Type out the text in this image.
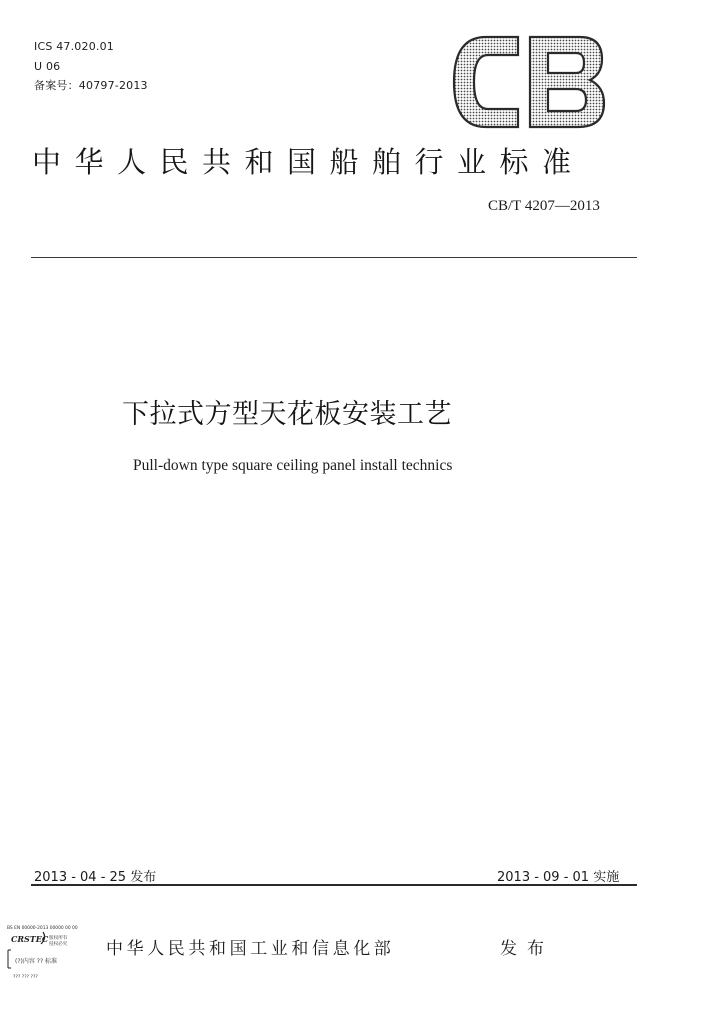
ICS 47.020.01
U 06
备案号：40797-2013
中华人民共和国船舶行业标准
CB/T 4207—2013
下拉式方型天花板安装工艺
Pull-down type square ceiling panel install technics
2013 - 04 - 25 发布	2013 - 09 - 01 实施
BS EN 00000-2013 00000 00 00
CRSTEC 版权所有
侵权必究
(?)内容 ?? 标准
??? ??? ???
中华人民共和国工业和信息化部	发布
